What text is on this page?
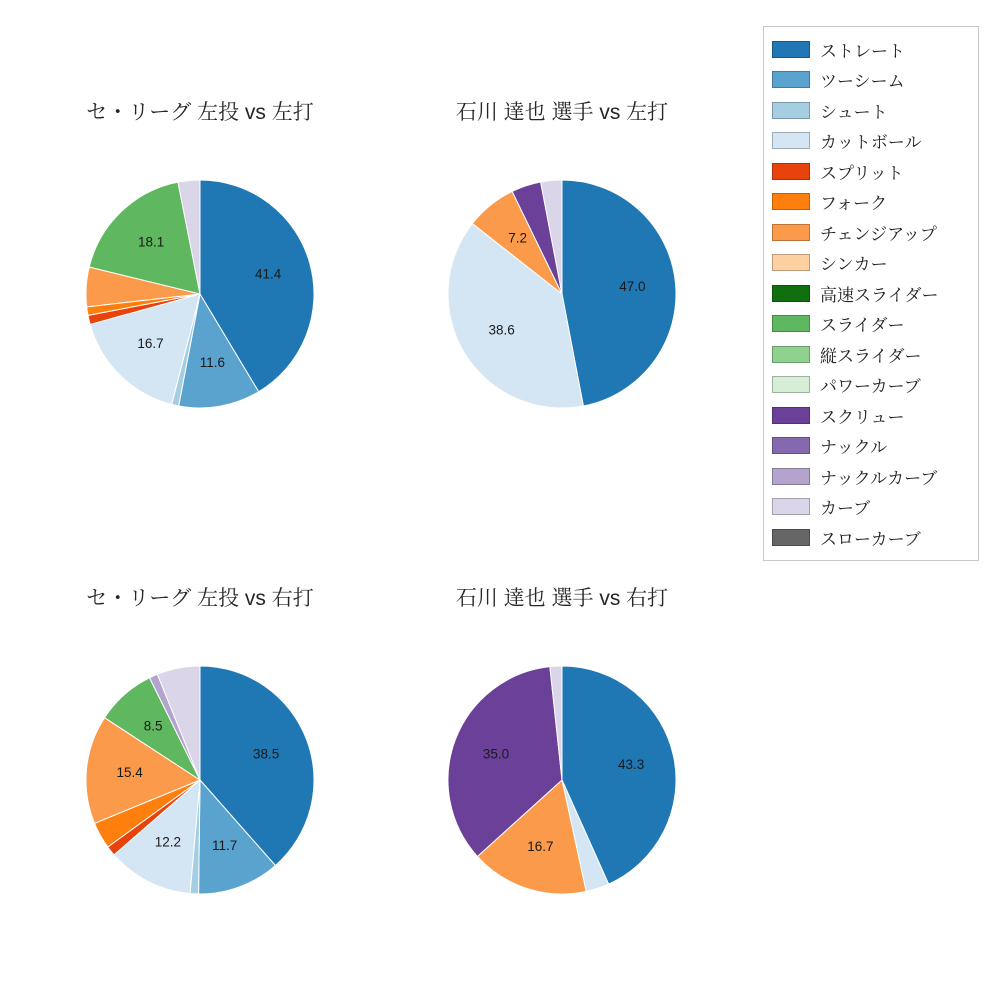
セ・リーグ 左投 vs 左打
41.4
11.6
16.7
18.1
石川 達也 選手 vs 左打
47.0
38.6
7.2
セ・リーグ 左投 vs 右打
38.5
11.7
12.2
15.4
8.5
石川 達也 選手 vs 右打
43.3
16.7
35.0
ストレート
ツーシーム
シュート
カットボール
スプリット
フォーク
チェンジアップ
シンカー
高速スライダー
スライダー
縦スライダー
パワーカーブ
スクリュー
ナックル
ナックルカーブ
カーブ
スローカーブ
